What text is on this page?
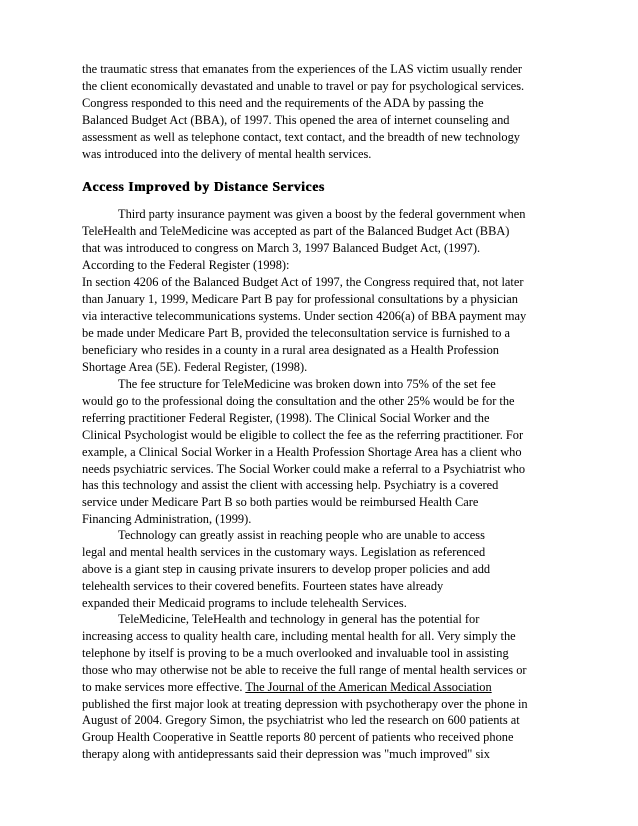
the traumatic stress that emanates from the experiences of the LAS victim usually render
the client economically devastated and unable to travel or pay for psychological services.
Congress responded to this need and the requirements of the ADA by passing the
Balanced Budget Act (BBA), of 1997. This opened the area of internet counseling and
assessment as well as telephone contact, text contact, and the breadth of new technology
was introduced into the delivery of mental health services.

Access Improved by Distance Services

Third party insurance payment was given a boost by the federal government when
TeleHealth and TeleMedicine was accepted as part of the Balanced Budget Act (BBA)
that was introduced to congress on March 3, 1997 Balanced Budget Act, (1997).
According to the Federal Register (1998):

In section 4206 of the Balanced Budget Act of 1997, the Congress required that, not later
than January 1, 1999, Medicare Part B pay for professional consultations by a physician
via interactive telecommunications systems. Under section 4206(a) of BBA payment may
be made under Medicare Part B, provided the teleconsultation service is furnished to a
beneficiary who resides in a county in a rural area designated as a Health Profession
Shortage Area (5E). Federal Register, (1998).

The fee structure for TeleMedicine was broken down into 75% of the set fee
would go to the professional doing the consultation and the other 25% would be for the
referring practitioner Federal Register, (1998). The Clinical Social Worker and the
Clinical Psychologist would be eligible to collect the fee as the referring practitioner. For
example, a Clinical Social Worker in a Health Profession Shortage Area has a client who
needs psychiatric services. The Social Worker could make a referral to a Psychiatrist who
has this technology and assist the client with accessing help. Psychiatry is a covered
service under Medicare Part B so both parties would be reimbursed Health Care
Financing Administration, (1999).

Technology can greatly assist in reaching people who are unable to access
legal and mental health services in the customary ways. Legislation as referenced
above is a giant step in causing private insurers to develop proper policies and add
telehealth services to their covered benefits. Fourteen states have already
expanded their Medicaid programs to include telehealth Services.

TeleMedicine, TeleHealth and technology in general has the potential for
increasing access to quality health care, including mental health for all. Very simply the
telephone by itself is proving to be a much overlooked and invaluable tool in assisting
those who may otherwise not be able to receive the full range of mental health services or
to make services more effective. The Journal of the American Medical Association
published the first major look at treating depression with psychotherapy over the phone in
August of 2004. Gregory Simon, the psychiatrist who led the research on 600 patients at
Group Health Cooperative in Seattle reports 80 percent of patients who received phone
therapy along with antidepressants said their depression was "much improved" six
